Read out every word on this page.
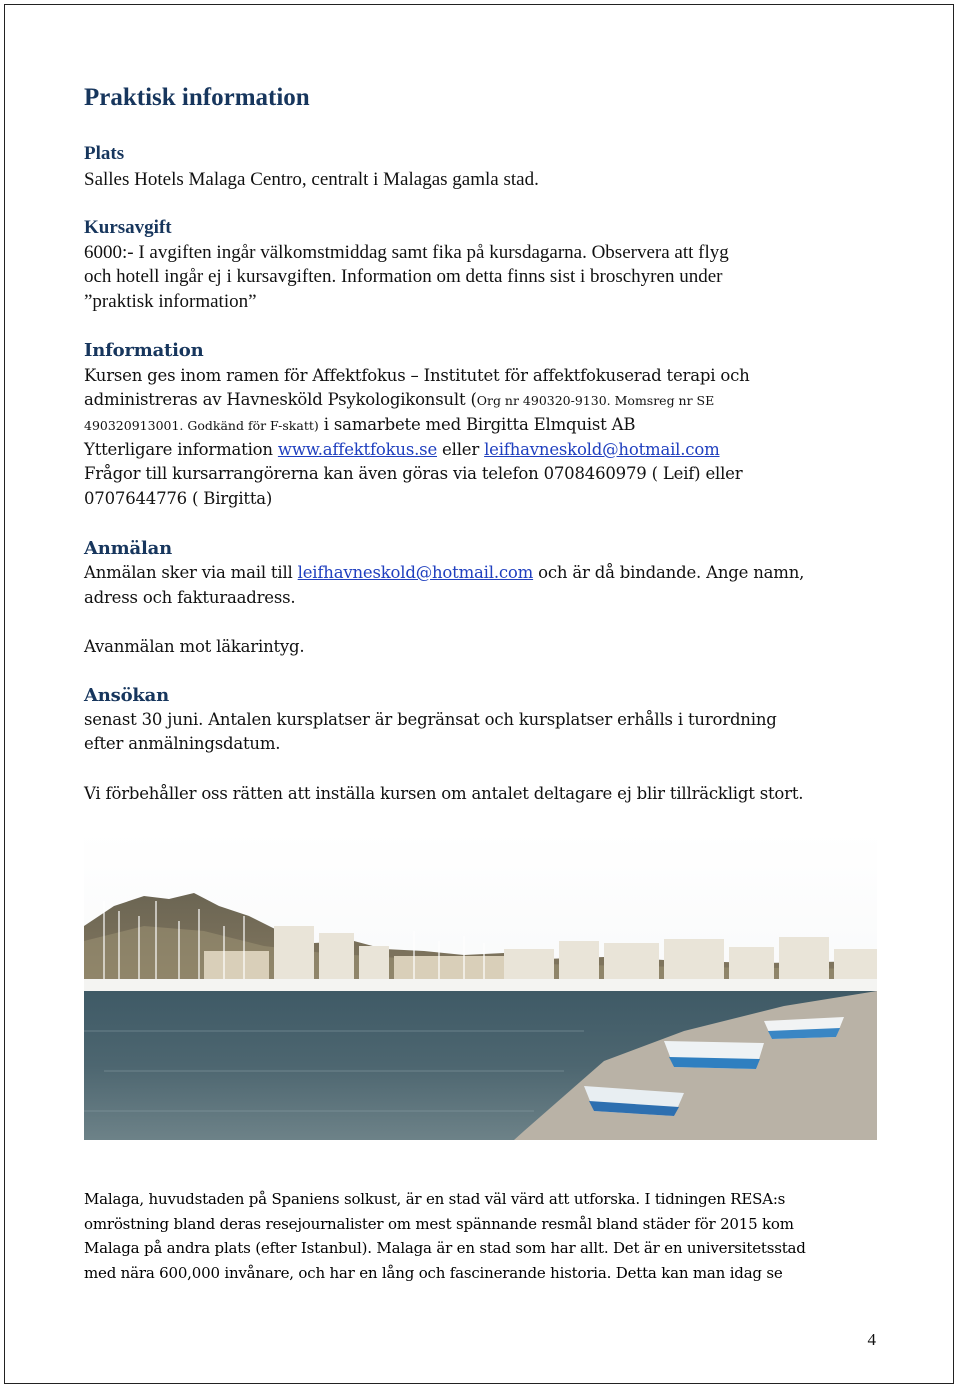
Praktisk information
Plats
Salles Hotels Malaga Centro, centralt i Malagas gamla stad.
Kursavgift
6000:- I avgiften ingår välkomstmiddag samt fika på kursdagarna. Observera att flyg
och hotell ingår ej i kursavgiften. Information om detta finns sist i broschyren under
”praktisk information”
Information
Kursen ges inom ramen för Affektfokus – Institutet för affektfokuserad terapi och
administreras av Havnesköld Psykologikonsult (Org nr 490320-9130. Momsreg nr SE
490320913001. Godkänd för F-skatt) i samarbete med Birgitta Elmquist AB
Ytterligare information www.affektfokus.se eller leifhavneskold@hotmail.com
Frågor till kursarrangörerna kan även göras via telefon 0708460979 ( Leif) eller
0707644776 ( Birgitta)
Anmälan
Anmälan sker via mail till leifhavneskold@hotmail.com och är då bindande. Ange namn,
adress och fakturaadress.
Avanmälan mot läkarintyg.
Ansökan
senast 30 juni. Antalen kursplatser är begränsat och kursplatser erhålls i turordning
efter anmälningsdatum.
Vi förbehåller oss rätten att inställa kursen om antalet deltagare ej blir tillräckligt stort.
Malaga, huvudstaden på Spaniens solkust, är en stad väl värd att utforska. I tidningen RESA:s
omröstning bland deras resejournalister om mest spännande resmål bland städer för 2015 kom
Malaga på andra plats (efter Istanbul). Malaga är en stad som har allt. Det är en universitetsstad
med nära 600,000 invånare, och har en lång och fascinerande historia. Detta kan man idag se
4
